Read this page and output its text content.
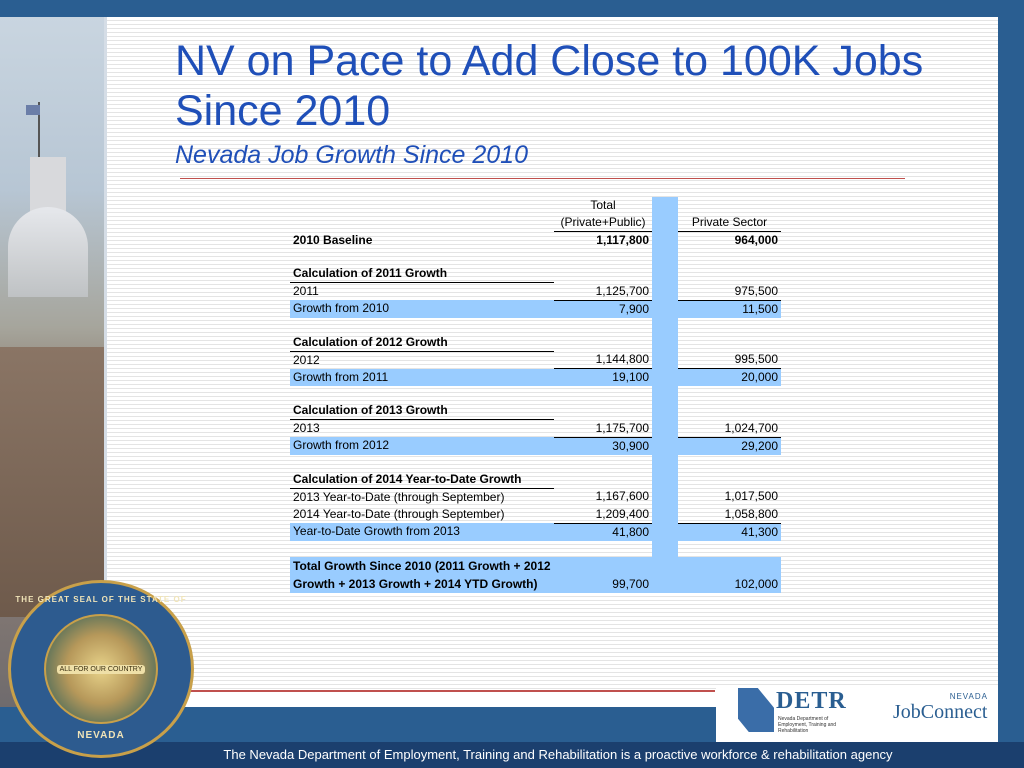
NV on Pace to Add Close to 100K Jobs Since 2010
Nevada Job Growth Since 2010
	Total		
	(Private+Public)		Private Sector
2010 Baseline	1,117,800		964,000

Calculation of 2011 Growth			
2011	1,125,700		975,500
Growth from 2010	7,900		11,500

Calculation of 2012 Growth			
2012	1,144,800		995,500
Growth from 2011	19,100		20,000

Calculation of 2013 Growth			
2013	1,175,700		1,024,700
Growth from 2012	30,900		29,200

Calculation of 2014 Year-to-Date Growth			
2013 Year-to-Date (through September)	1,167,600		1,017,500
2014 Year-to-Date (through September)	1,209,400		1,058,800
Year-to-Date Growth from 2013	41,800		41,300

Total Growth Since 2010 (2011 Growth + 2012 Growth + 2013 Growth + 2014 YTD Growth)	99,700		102,000
DETR
Nevada Department of Employment, Training and Rehabilitation
NEVADA
JobConnect
The Nevada Department of Employment, Training and Rehabilitation is a proactive workforce & rehabilitation agency
THE GREAT SEAL OF THE STATE OF
ALL FOR OUR COUNTRY
NEVADA
